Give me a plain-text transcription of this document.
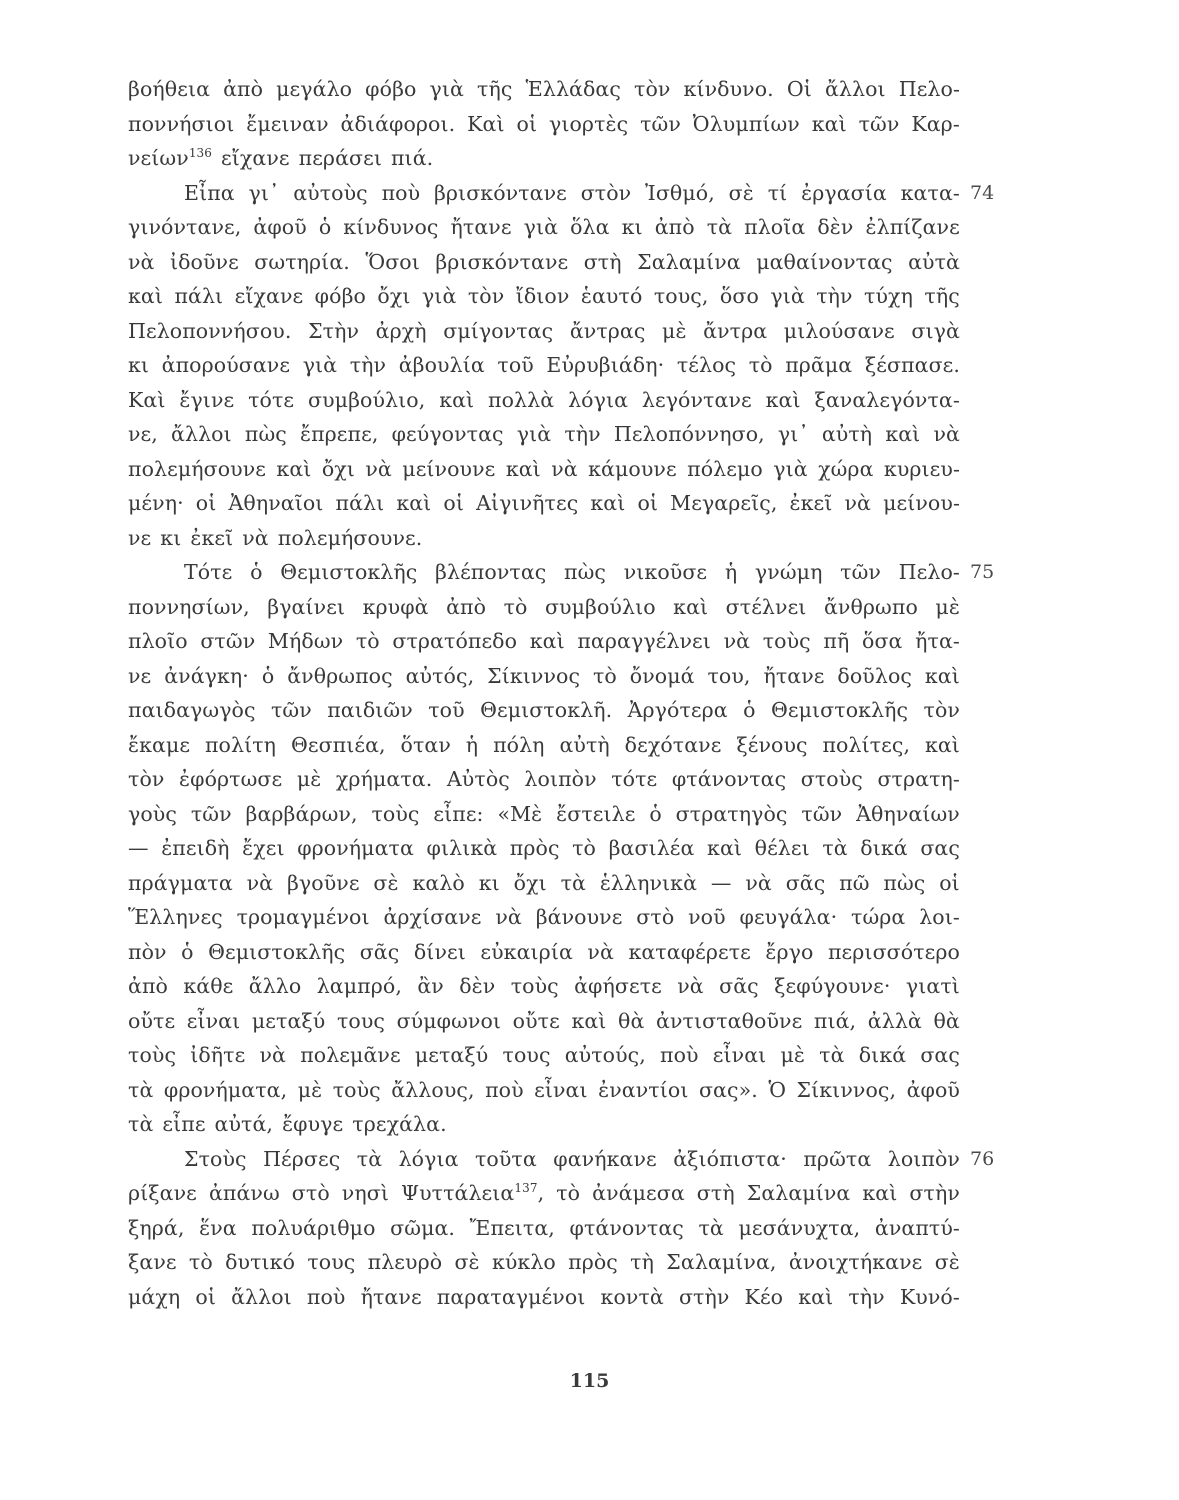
βοήθεια ἀπὸ μεγάλο φόβο γιὰ τῆς Ἑλλάδας τὸν κίνδυνο. Οἱ ἄλλοι Πελο-
ποννήσιοι ἔμειναν ἀδιάφοροι. Καὶ οἱ γιορτὲς τῶν Ὀλυμπίων καὶ τῶν Καρ-
νείων$^{136}$ εἴχανε περάσει πιά.
Εἶπα γι᾽ αὐτοὺς ποὺ βρισκόντανε στὸν Ἰσθμό, σὲ τί ἐργασία κατα-
γινόντανε, ἀφοῦ ὁ κίνδυνος ἤτανε γιὰ ὅλα κι ἀπὸ τὰ πλοῖα δὲν ἐλπίζανε
νὰ ἰδοῦνε σωτηρία. Ὅσοι βρισκόντανε στὴ Σαλαμίνα μαθαίνοντας αὐτὰ
καὶ πάλι εἴχανε φόβο ὄχι γιὰ τὸν ἴδιον ἑαυτό τους, ὅσο γιὰ τὴν τύχη τῆς
Πελοποννήσου. Στὴν ἀρχὴ σμίγοντας ἄντρας μὲ ἄντρα μιλούσανε σιγὰ
κι ἀπορούσανε γιὰ τὴν ἀβουλία τοῦ Εὐρυβιάδη· τέλος τὸ πρᾶμα ξέσπασε.
Καὶ ἔγινε τότε συμβούλιο, καὶ πολλὰ λόγια λεγόντανε καὶ ξαναλεγόντα-
νε, ἄλλοι πὼς ἔπρεπε, φεύγοντας γιὰ τὴν Πελοπόννησο, γι᾽ αὐτὴ καὶ νὰ
πολεμήσουνε καὶ ὄχι νὰ μείνουνε καὶ νὰ κάμουνε πόλεμο γιὰ χώρα κυριευ-
μένη· οἱ Ἀθηναῖοι πάλι καὶ οἱ Αἰγινῆτες καὶ οἱ Μεγαρεῖς, ἐκεῖ νὰ μείνου-
νε κι ἐκεῖ νὰ πολεμήσουνε.
Τότε ὁ Θεμιστοκλῆς βλέποντας πὼς νικοῦσε ἡ γνώμη τῶν Πελο-
ποννησίων, βγαίνει κρυφὰ ἀπὸ τὸ συμβούλιο καὶ στέλνει ἄνθρωπο μὲ
πλοῖο στῶν Μήδων τὸ στρατόπεδο καὶ παραγγέλνει νὰ τοὺς πῆ ὅσα ἤτα-
νε ἀνάγκη· ὁ ἄνθρωπος αὐτός, Σίκιννος τὸ ὄνομά του, ἤτανε δοῦλος καὶ
παιδαγωγὸς τῶν παιδιῶν τοῦ Θεμιστοκλῆ. Ἀργότερα ὁ Θεμιστοκλῆς τὸν
ἔκαμε πολίτη Θεσπιέα, ὅταν ἡ πόλη αὐτὴ δεχότανε ξένους πολίτες, καὶ
τὸν ἐφόρτωσε μὲ χρήματα. Αὐτὸς λοιπὸν τότε φτάνοντας στοὺς στρατη-
γοὺς τῶν βαρβάρων, τοὺς εἶπε: «Μὲ ἔστειλε ὁ στρατηγὸς τῶν Ἀθηναίων
— ἐπειδὴ ἔχει φρονήματα φιλικὰ πρὸς τὸ βασιλέα καὶ θέλει τὰ δικά σας
πράγματα νὰ βγοῦνε σὲ καλὸ κι ὄχι τὰ ἑλληνικὰ — νὰ σᾶς πῶ πὼς οἱ
Ἕλληνες τρομαγμένοι ἀρχίσανε νὰ βάνουνε στὸ νοῦ φευγάλα· τώρα λοι-
πὸν ὁ Θεμιστοκλῆς σᾶς δίνει εὐκαιρία νὰ καταφέρετε ἔργο περισσότερο
ἀπὸ κάθε ἄλλο λαμπρό, ἂν δὲν τοὺς ἀφήσετε νὰ σᾶς ξεφύγουνε· γιατὶ
οὔτε εἶναι μεταξύ τους σύμφωνοι οὔτε καὶ θὰ ἀντισταθοῦνε πιά, ἀλλὰ θὰ
τοὺς ἰδῆτε νὰ πολεμᾶνε μεταξύ τους αὐτούς, ποὺ εἶναι μὲ τὰ δικά σας
τὰ φρονήματα, μὲ τοὺς ἄλλους, ποὺ εἶναι ἐναντίοι σας». Ὁ Σίκιννος, ἀφοῦ
τὰ εἶπε αὐτά, ἔφυγε τρεχάλα.
Στοὺς Πέρσες τὰ λόγια τοῦτα φανήκανε ἀξιόπιστα· πρῶτα λοιπὸν
ρίξανε ἀπάνω στὸ νησὶ Ψυττάλεια$^{137}$, τὸ ἀνάμεσα στὴ Σαλαμίνα καὶ στὴν
ξηρά, ἕνα πολυάριθμο σῶμα. Ἔπειτα, φτάνοντας τὰ μεσάνυχτα, ἀναπτύ-
ξανε τὸ δυτικό τους πλευρὸ σὲ κύκλο πρὸς τὴ Σαλαμίνα, ἀνοιχτήκανε σὲ
μάχη οἱ ἄλλοι ποὺ ἤτανε παραταγμένοι κοντὰ στὴν Κέο καὶ τὴν Κυνό-
115
74
75
76
